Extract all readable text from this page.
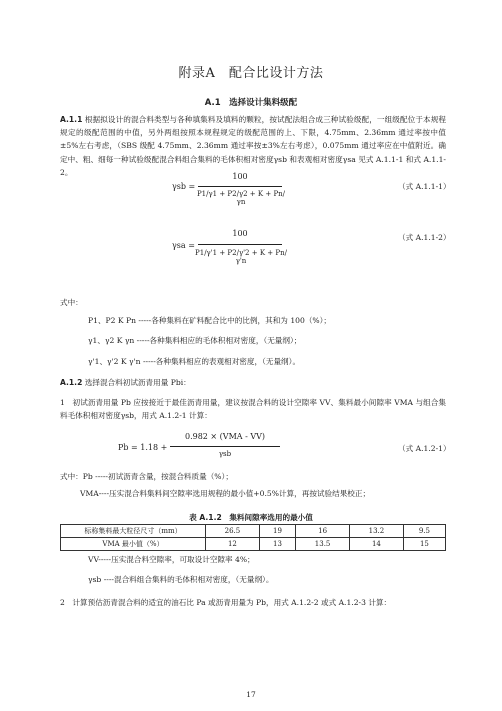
附录A　配合比设计方法
A.1　选择设计集料级配
A.1.1 根据拟设计的混合料类型与各种填集料及填料的颗粒，按试配法组合成三种试验级配，一组级配位于本规程规定的级配范围的中值，另外两组按照本规程规定的级配范围的上、下限，4.75mm、2.36mm 通过率按中值±5%左右考虑，（SBS 级配 4.75mm、2.36mm 通过率按±3%左右考虑），0.075mm 通过率应在中值附近。确定中、粗、细每一种试验级配混合料组合集料的毛体积相对密度γsb 和表观相对密度γsa 见式 A.1.1-1 和式 A.1.1-2。
γsb =
100
P1/γ1 + P2/γ2 + K + Pn/γn
（式 A.1.1-1）
γsa =
100
P1/γ'1 + P2/γ'2 + K + Pn/γ'n
（式 A.1.1-2）
式中：
P1、P2 K Pn -----各种集料在矿料配合比中的比例，其和为 100（%）；
γ1、γ2 K γn -----各种集料相应的毛体积相对密度，（无量纲）；
γ'1、γ'2 K γ'n -----各种集料相应的表观相对密度，（无量纲）。
A.1.2 选择混合料初试沥青用量 Pbi：
1　初试沥青用量 Pb 应按接近于最佳沥青用量，建议按混合料的设计空隙率 VV、集料最小间隙率 VMA 与组合集料毛体积相对密度γsb，用式 A.1.2-1 计算：
Pb = 1.18 +
0.982 × (VMA - VV)
γsb
（式 A.1.2-1）
式中：Pb -----初试沥青含量，按混合料质量（%）；
VMA----压实混合料集料间空隙率选用规程的最小值+0.5%计算，再按试验结果校正；
表 A.1.2　集料间隙率选用的最小值
标称集料最大粒径尺寸（mm）	26.5	19	16	13.2	9.5
VMA 最小值（%）	12	13	13.5	14	15
VV-----压实混合料空隙率，可取设计空隙率 4%；
γsb ----混合料组合集料的毛体积相对密度，（无量纲）。
2　计算预估沥青混合料的适宜的油石比 Pa 或沥青用量为 Pb，用式 A.1.2-2 或式 A.1.2-3 计算：
17
